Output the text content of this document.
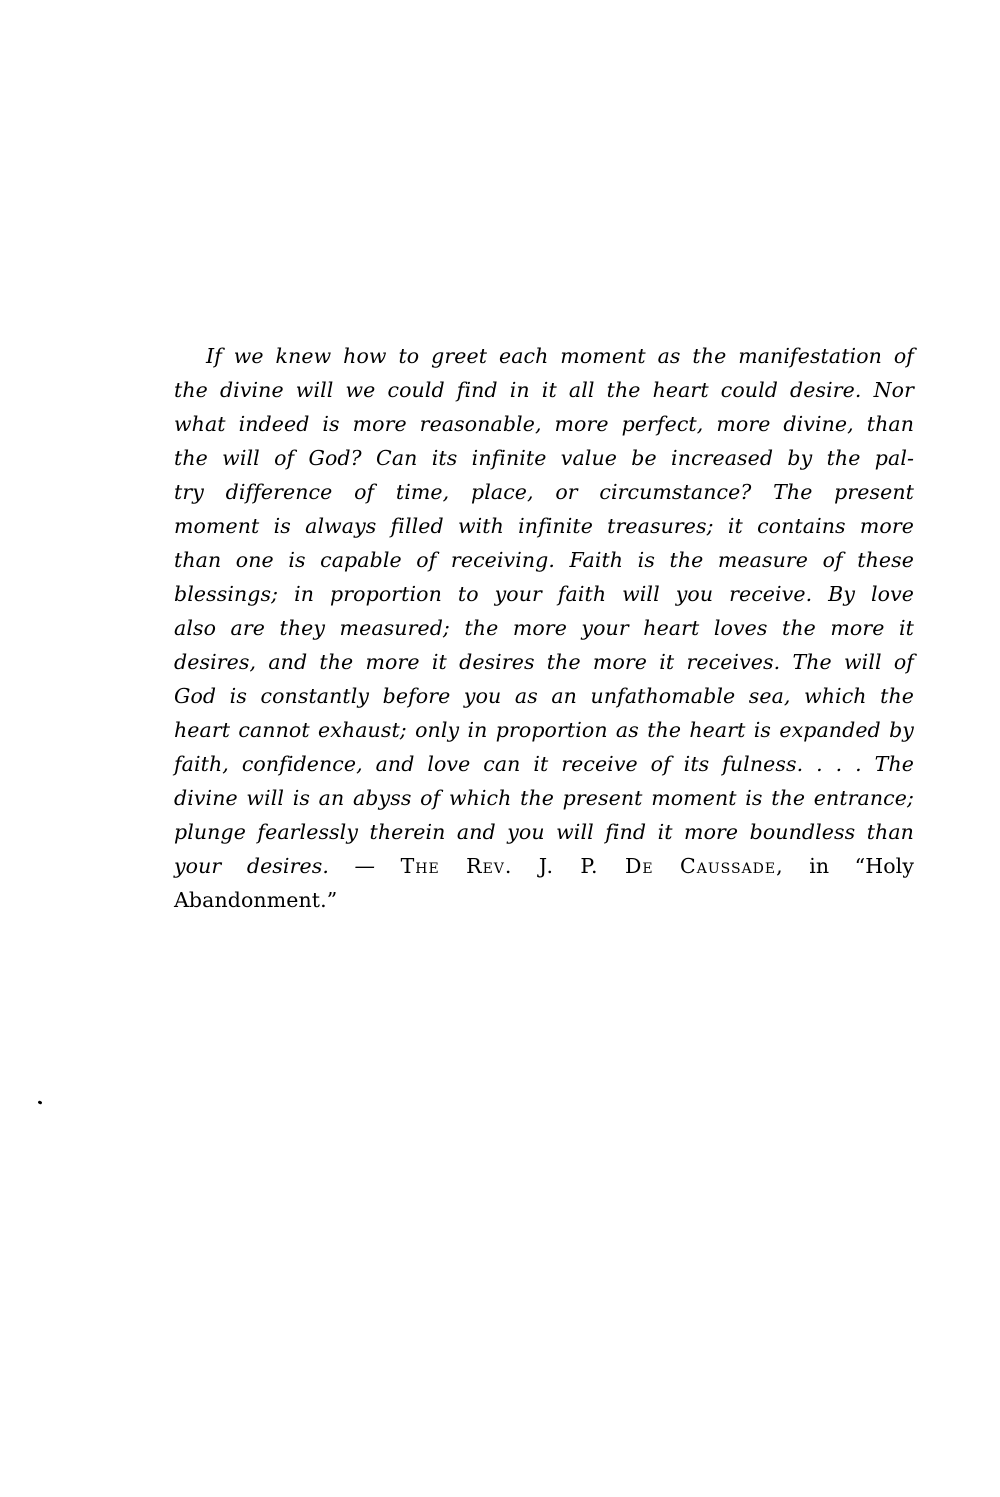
If we knew how to greet each moment as the manifestation of
the divine will we could find in it all the heart could desire. Nor
what indeed is more reasonable, more perfect, more divine, than
the will of God? Can its infinite value be increased by the pal-
try difference of time, place, or circumstance? The present
moment is always filled with infinite treasures; it contains more
than one is capable of receiving. Faith is the measure of these
blessings; in proportion to your faith will you receive. By love
also are they measured; the more your heart loves the more it
desires, and the more it desires the more it receives. The will of
God is constantly before you as an unfathomable sea, which the
heart cannot exhaust; only in proportion as the heart is expanded by
faith, confidence, and love can it receive of its fulness. . . . The
divine will is an abyss of which the present moment is the entrance;
plunge fearlessly therein and you will find it more boundless than
your desires. — The Rev. J. P. De Caussade, in “Holy
Abandonment.”
